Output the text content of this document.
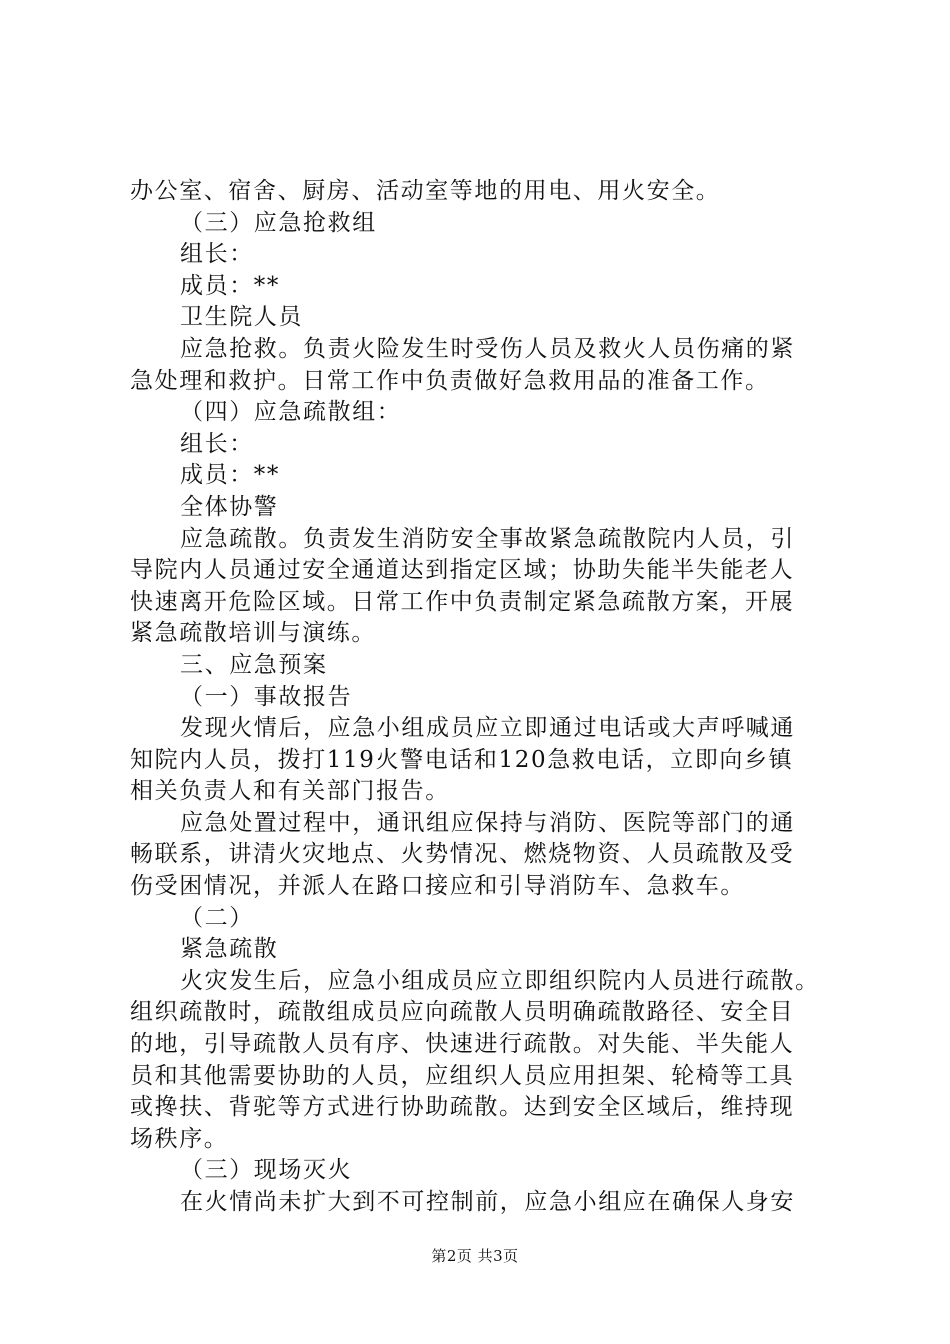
办公室、宿舍、厨房、活动室等地的用电、用火安全。
（三）应急抢救组
组长：
成员：**
卫生院人员
应急抢救。负责火险发生时受伤人员及救火人员伤痛的紧
急处理和救护。日常工作中负责做好急救用品的准备工作。
（四）应急疏散组：
组长：
成员：**
全体协警
应急疏散。负责发生消防安全事故紧急疏散院内人员，引
导院内人员通过安全通道达到指定区域；协助失能半失能老人
快速离开危险区域。日常工作中负责制定紧急疏散方案，开展
紧急疏散培训与演练。
三、应急预案
（一）事故报告
发现火情后，应急小组成员应立即通过电话或大声呼喊通
知院内人员，拨打119火警电话和120急救电话，立即向乡镇
相关负责人和有关部门报告。
应急处置过程中，通讯组应保持与消防、医院等部门的通
畅联系，讲清火灾地点、火势情况、燃烧物资、人员疏散及受
伤受困情况，并派人在路口接应和引导消防车、急救车。
（二）
紧急疏散
火灾发生后，应急小组成员应立即组织院内人员进行疏散。
组织疏散时，疏散组成员应向疏散人员明确疏散路径、安全目
的地，引导疏散人员有序、快速进行疏散。对失能、半失能人
员和其他需要协助的人员，应组织人员应用担架、轮椅等工具
或搀扶、背驼等方式进行协助疏散。达到安全区域后，维持现
场秩序。
（三）现场灭火
在火情尚未扩大到不可控制前，应急小组应在确保人身安
第2页 共3页
